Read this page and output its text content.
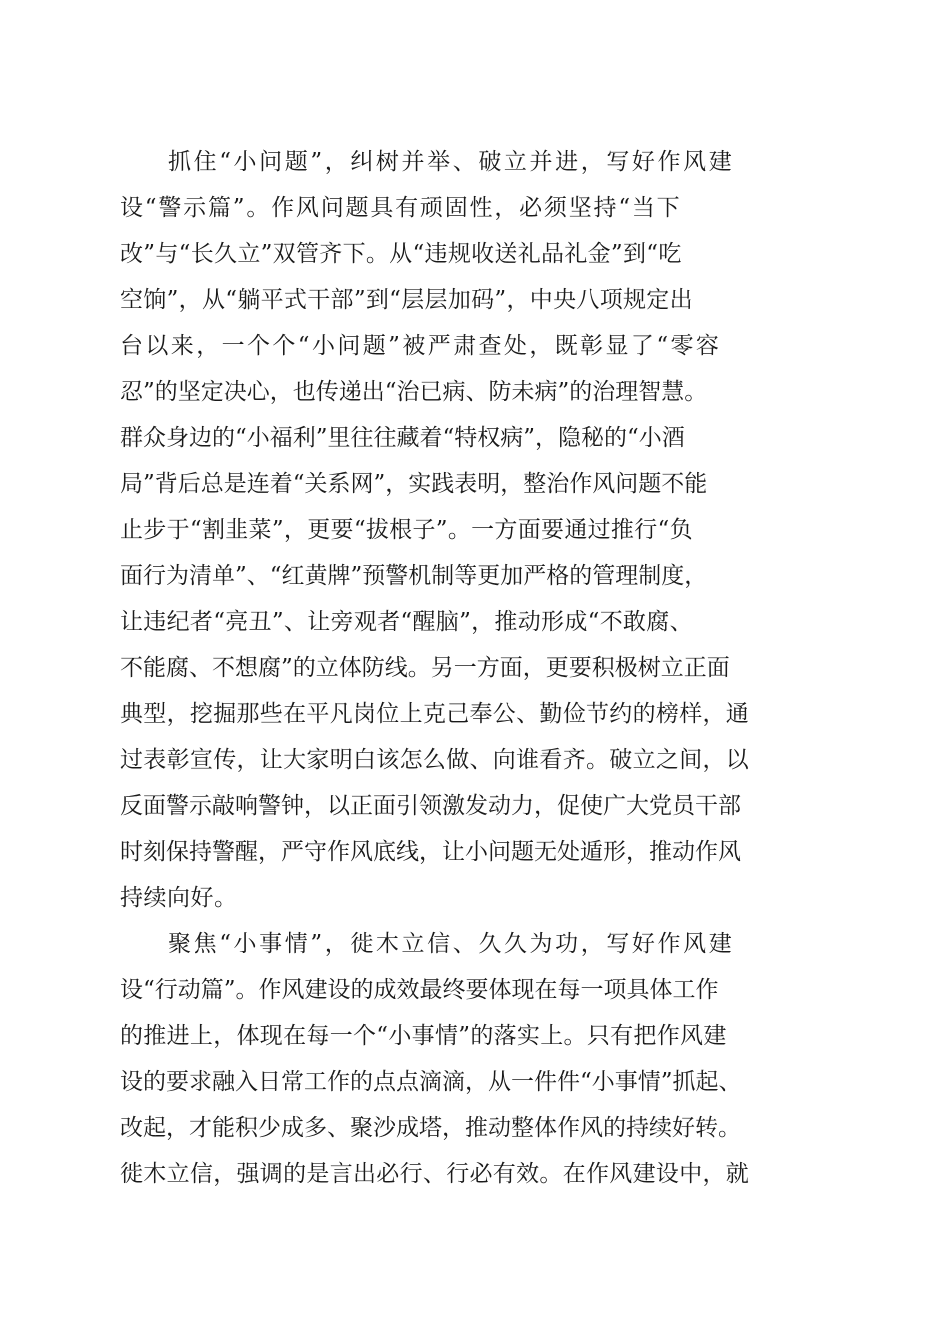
抓住“小问题”，纠树并举、破立并进，写好作风建
设“警示篇”。作风问题具有顽固性，必须坚持“当下
改”与“长久立”双管齐下。从“违规收送礼品礼金”到“吃
空饷”，从“躺平式干部”到“层层加码”，中央八项规定出
台以来，一个个“小问题”被严肃查处，既彰显了“零容
忍”的坚定决心，也传递出“治已病、防未病”的治理智慧。
群众身边的“小福利”里往往藏着“特权病”，隐秘的“小酒
局”背后总是连着“关系网”，实践表明，整治作风问题不能
止步于“割韭菜”，更要“拔根子”。一方面要通过推行“负
面行为清单”、“红黄牌”预警机制等更加严格的管理制度，
让违纪者“亮丑”、让旁观者“醒脑”，推动形成“不敢腐、
不能腐、不想腐”的立体防线。另一方面，更要积极树立正面
典型，挖掘那些在平凡岗位上克己奉公、勤俭节约的榜样，通
过表彰宣传，让大家明白该怎么做、向谁看齐。破立之间，以
反面警示敲响警钟，以正面引领激发动力，促使广大党员干部
时刻保持警醒，严守作风底线，让小问题无处遁形，推动作风
持续向好。
聚焦“小事情”，徙木立信、久久为功，写好作风建
设“行动篇”。作风建设的成效最终要体现在每一项具体工作
的推进上，体现在每一个“小事情”的落实上。只有把作风建
设的要求融入日常工作的点点滴滴，从一件件“小事情”抓起、
改起，才能积少成多、聚沙成塔，推动整体作风的持续好转。
徙木立信，强调的是言出必行、行必有效。在作风建设中，就
